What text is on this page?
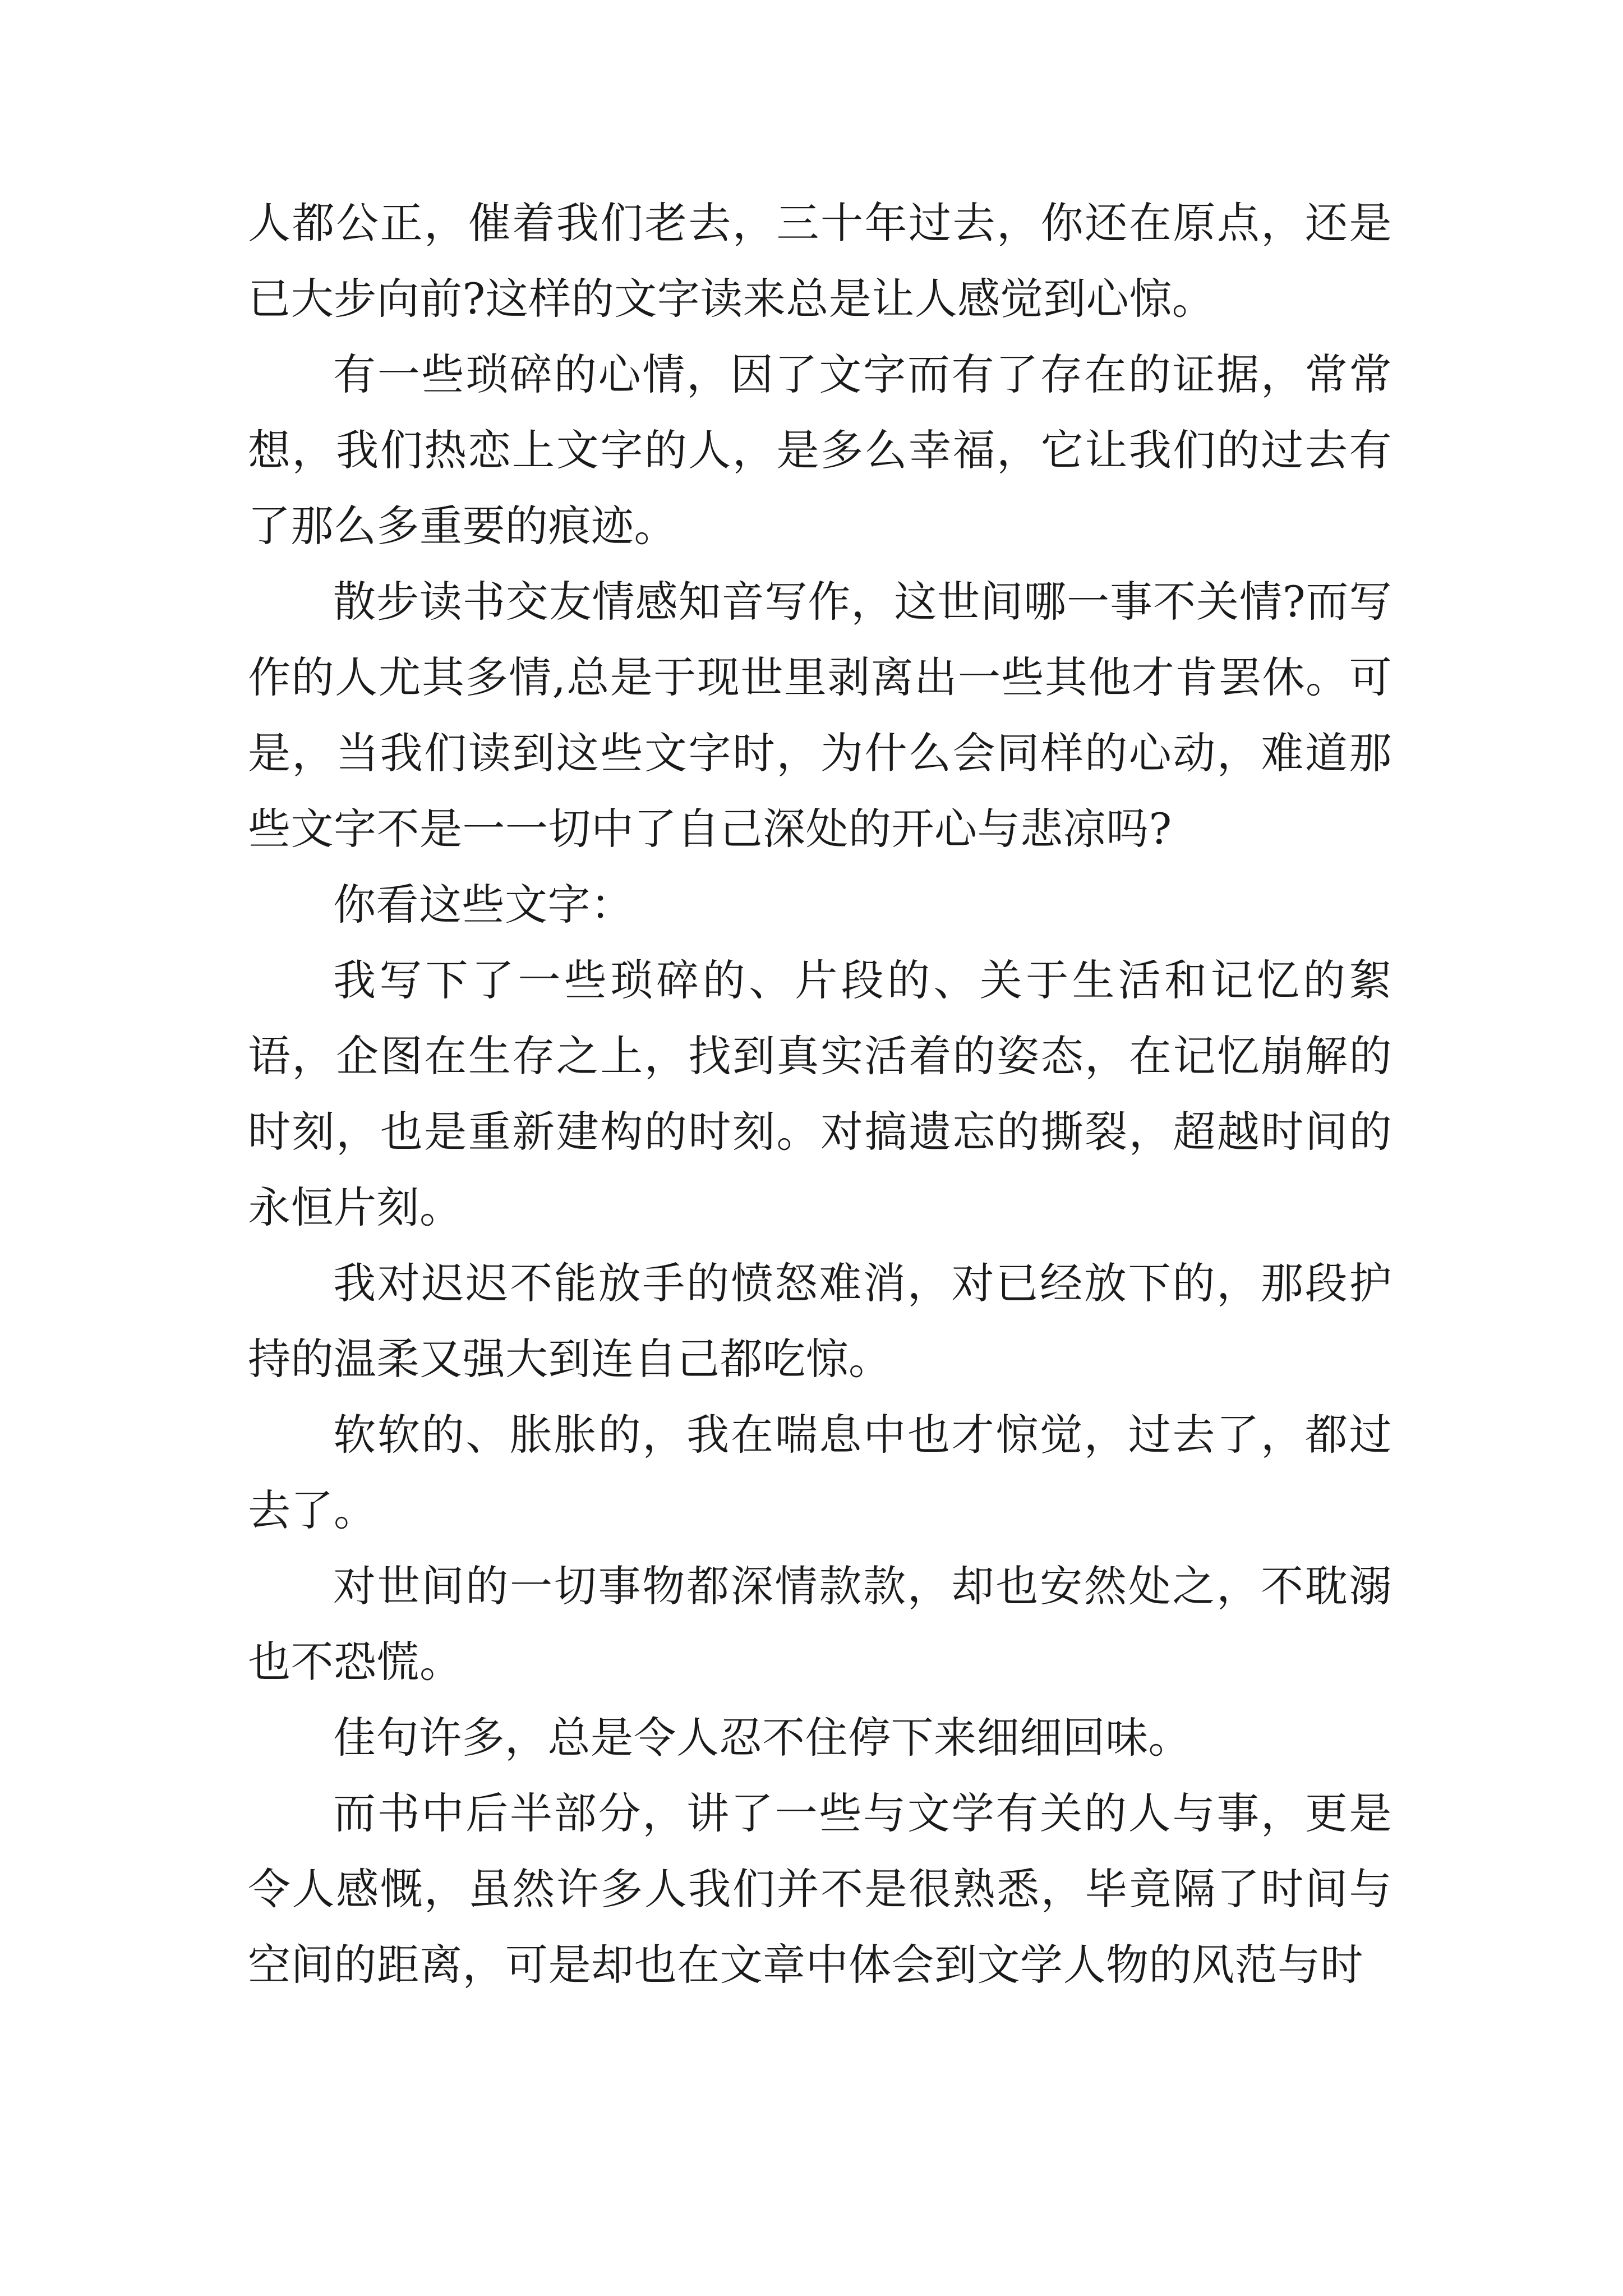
人都公正，催着我们老去，三十年过去，你还在原点，还是已大步向前?这样的文字读来总是让人感觉到心惊。

有一些琐碎的心情，因了文字而有了存在的证据，常常想，我们热恋上文字的人，是多么幸福，它让我们的过去有了那么多重要的痕迹。

散步读书交友情感知音写作，这世间哪一事不关情?而写作的人尤其多情,总是于现世里剥离出一些其他才肯罢休。可是，当我们读到这些文字时，为什么会同样的心动，难道那些文字不是一一切中了自己深处的开心与悲凉吗?

你看这些文字：

我写下了一些琐碎的、片段的、关于生活和记忆的絮语，企图在生存之上，找到真实活着的姿态，在记忆崩解的时刻，也是重新建构的时刻。对搞遗忘的撕裂，超越时间的永恒片刻。

我对迟迟不能放手的愤怒难消，对已经放下的，那段护持的温柔又强大到连自己都吃惊。

软软的、胀胀的，我在喘息中也才惊觉，过去了，都过去了。

对世间的一切事物都深情款款，却也安然处之，不耽溺也不恐慌。

佳句许多，总是令人忍不住停下来细细回味。

而书中后半部分，讲了一些与文学有关的人与事，更是令人感慨，虽然许多人我们并不是很熟悉，毕竟隔了时间与空间的距离，可是却也在文章中体会到文学人物的风范与时
